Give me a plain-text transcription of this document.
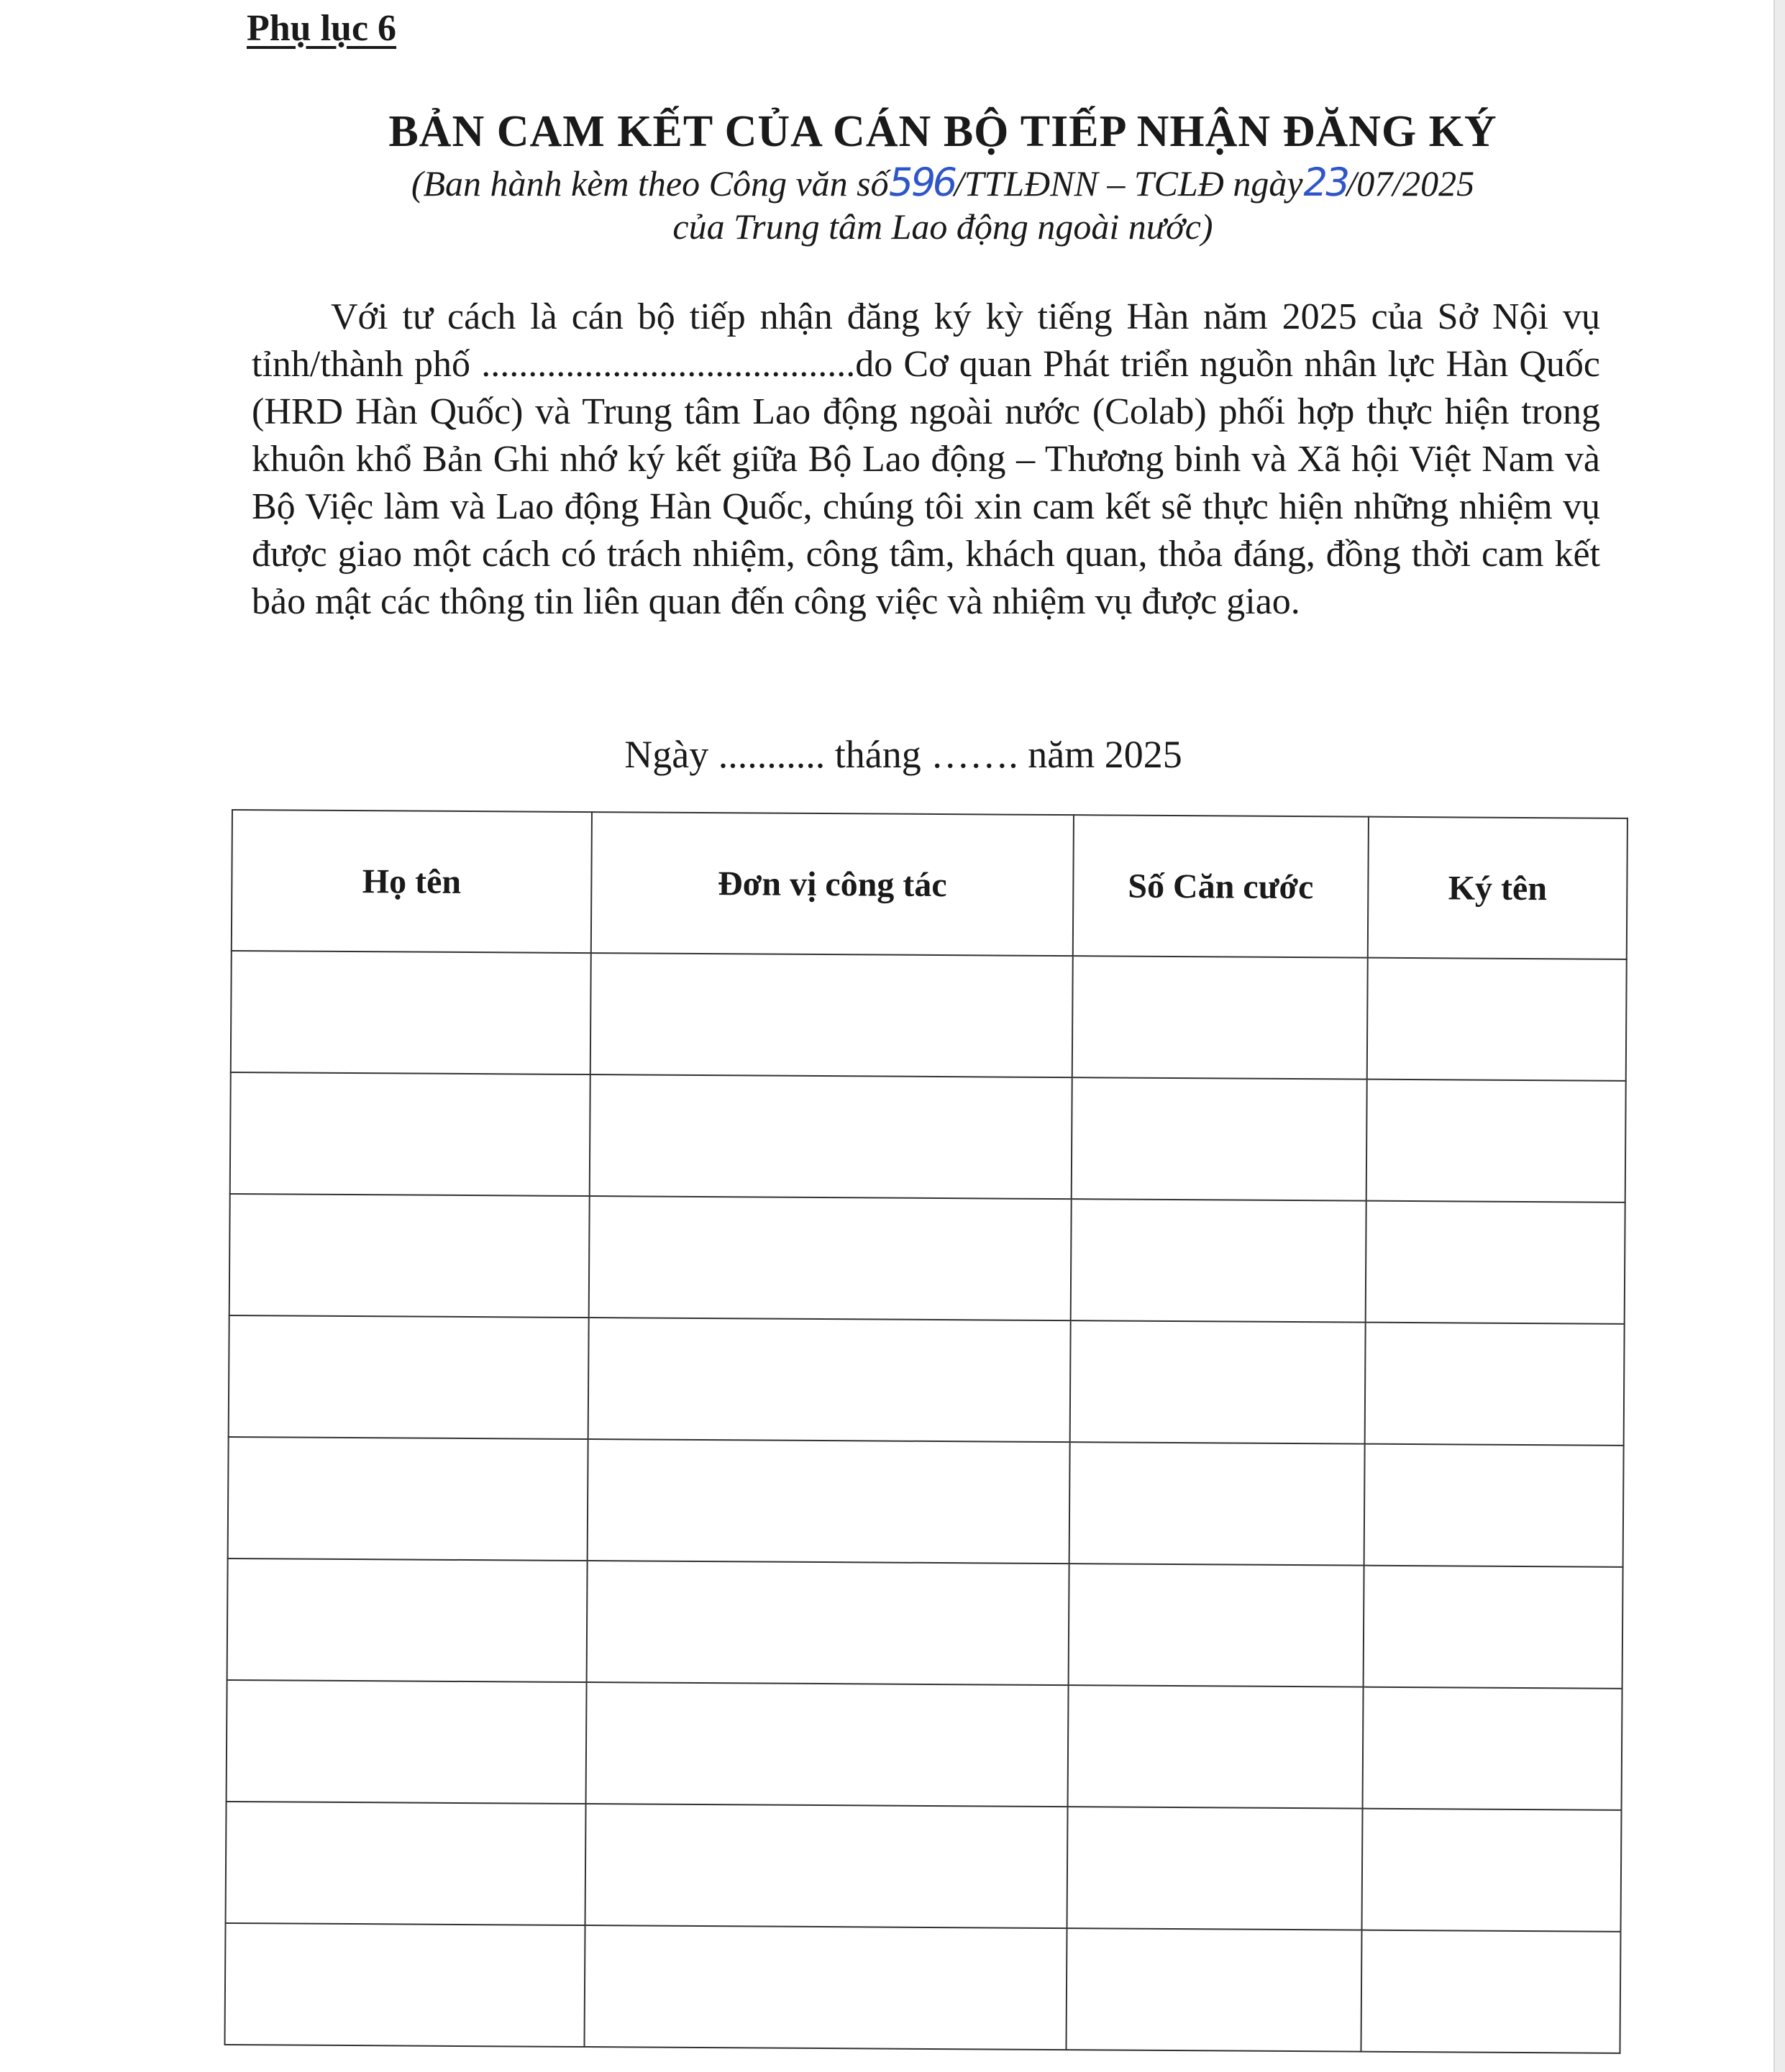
Phụ lục 6
BẢN CAM KẾT CỦA CÁN BỘ TIẾP NHẬN ĐĂNG KÝ
(Ban hành kèm theo Công văn số596/TTLĐNN – TCLĐ ngày23/07/2025
của Trung tâm Lao động ngoài nước)
Với tư cách là cán bộ tiếp nhận đăng ký kỳ tiếng Hàn năm 2025 của Sở Nội vụ tỉnh/thành phố ........................................do Cơ quan Phát triển nguồn nhân lực Hàn Quốc (HRD Hàn Quốc) và Trung tâm Lao động ngoài nước (Colab) phối hợp thực hiện trong khuôn khổ Bản Ghi nhớ ký kết giữa Bộ Lao động – Thương binh và Xã hội Việt Nam và Bộ Việc làm và Lao động Hàn Quốc, chúng tôi xin cam kết sẽ thực hiện những nhiệm vụ được giao một cách có trách nhiệm, công tâm, khách quan, thỏa đáng, đồng thời cam kết bảo mật các thông tin liên quan đến công việc và nhiệm vụ được giao.
Ngày ........... tháng ……. năm 2025
Họ tên	Đơn vị công tác	Số Căn cước	Ký tên
